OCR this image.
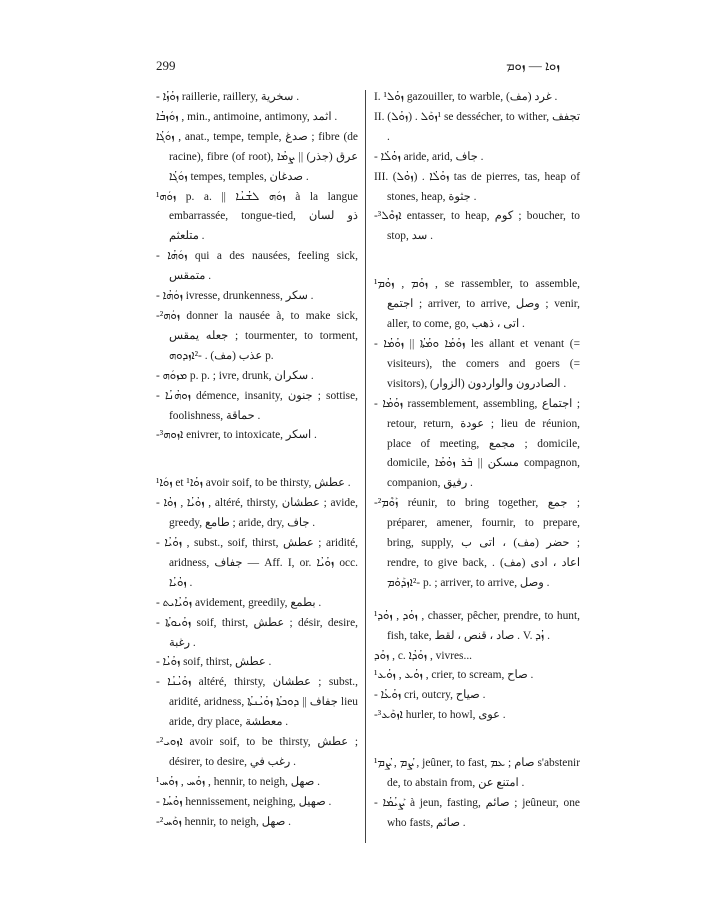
299	ܙܘܐ — ܙܘܡ

- ܙܘܳܙܳܐ raillerie, raillery, سخرية .

ܙܘܿܙܒܳܐ , min., antimoine, antimony, اثمد .

ܙܘܿܓܳܐ , anat., tempe, temple, صدغ ; fibre (de racine), fibre (of root), عرق (جذر) || ܨܡܳܐ ܙܘܿܓܳܐ tempes, temples, صدغان .

¹ܙܘܿܗ p. a. || ܙܘܿܗ ܠܫܳܢܳܐ à la langue embarrassée, tongue-tied, ذو لسان متلعثم .

- ܙܘܿܗܳܐ qui a des nausées, feeling sick, متمقس .

- ܙܘܿܗܳܐ ivresse, drunkenness, سكر .

-²ܙܘܿܗ donner la nausée à, to make sick, جعله يمقس ; tourmenter, to torment, عذب (مف) . -²ܐܙܕܘܗ p.

- ܡܙܘܿܗ p. p. ; ivre, drunk, سكران .

- ܙܘܗܳܢܳܐ démence, insanity, جنون ; sottise, foolishness, حماقة .

-³ܐܙܘܗ enivrer, to intoxicate, اسكر .

¹ܙܘܿܐ et ¹ܙܘܳܐ avoir soif, to be thirsty, عطش .

- ܙܘܳܝܳܐ , ܙܘܳܐ , altéré, thirsty, عطشان ; avide, greedy, طامع ; aride, dry, جاف .

- ܙܘܳܝܳܐ , subst., soif, thirst, عطش ; aridité, aridness, جفاف — Aff. I, or. ܙܘܳܝܳܐ occ. ܙܘܳܝܳܐ .

- ܙܘܳܝܳܐܝܬ avidement, greedily, بطمع .

- ܙܘܳܝܘܬܳܐ soif, thirst, عطش ; désir, desire, رغبة .

- ܙܘܳܝܳܐ soif, thirst, عطش .

- ܙܘܳܝܳܢܳܐ altéré, thirsty, عطشان ; subst., aridité, aridness, جفاف || ܕܘܟܬܳܐ ܙܘܳܝܳܢܬܳܐ lieu aride, dry place, معطشة .

-²ܐܙܘܝ avoir soif, to be thirsty, عطش ; désirer, to desire, رغب في .

¹ܙܘܳܚ , ܙܘܳܚ , hennir, to neigh, صهل .

- ܙܘܳܚܳܐ hennissement, neighing, صهيل .

-²ܙܘܰܚ hennir, to neigh, صهل .

I. ¹ܙܘܳܠ gazouiller, to warble, غرد (مف) .

II. (ܙܘܳܠ) . ¹ܙܘܰܠ se dessécher, to wither, تجفف .

- ܙܘܳܠܳܐ aride, arid, جاف .

III. (ܙܘܳܠ) . ܙܘܳܠܳܐ tas de pierres, tas, heap of stones, heap, جثوة .

-³ܐܙܘܶܠ entasser, to heap, كوم ; boucher, to stop, سد .

¹ܙܘܳܡ , ܙܘܳܡ , se rassembler, to assemble, اجتمع ; arriver, to arrive, وصل ; venir, aller, to come, go, اتى ، ذهب .

- ܙܘܳܡܳܐ ܘܡܳܬܳܐ || ܙܘܳܡܳܐ les allant et venant (= visiteurs), the comers and goers (= visitors), الصادرون والواردون (الزوار) .

- ܙܘܳܡܳܐ rassemblement, assembling, اجتماع ; retour, return, عودة ; lieu de réunion, place of meeting, مجمع ; domicile, domicile, مسكن || ܒܰܪ ܙܘܳܡܳܐ compagnon, companion, رفيق .

-²ܙܰܘܶܡ réunir, to bring together, جمع ; préparer, amener, fournir, to prepare, bring, supply, حضر (مف) ، اتى ب ; rendre, to give back, اعاد ، ادى (مف) . -²ܐܙܕܰܘܰܡ p. ; arriver, to arrive, وصل .

¹ܙܘܳܕ , ܙܘܳܕ , chasser, pêcher, prendre, to hunt, fish, take, صاد ، قنص ، لقط . V. ܙܳܕ .

ܙܘܳܕ , c. ܙܘܳܕܳܐ , vivres...

¹ܙܘܳܥ , ܙܘܳܥ , crier, to scream, صاح .

- ܙܘܳܥܳܐ cri, outcry, صياح .

-³ܐܙܘܰܥ hurler, to howl, عوى .

¹ܨܳܡ , ܨܳܡ , jeûner, to fast, صام ; ܥܡ s'abstenir de, to abstain from, امتنع عن .

- ܨܰܝܳܡܳܐ à jeun, fasting, صائم ; jeûneur, one who fasts, صائم .
